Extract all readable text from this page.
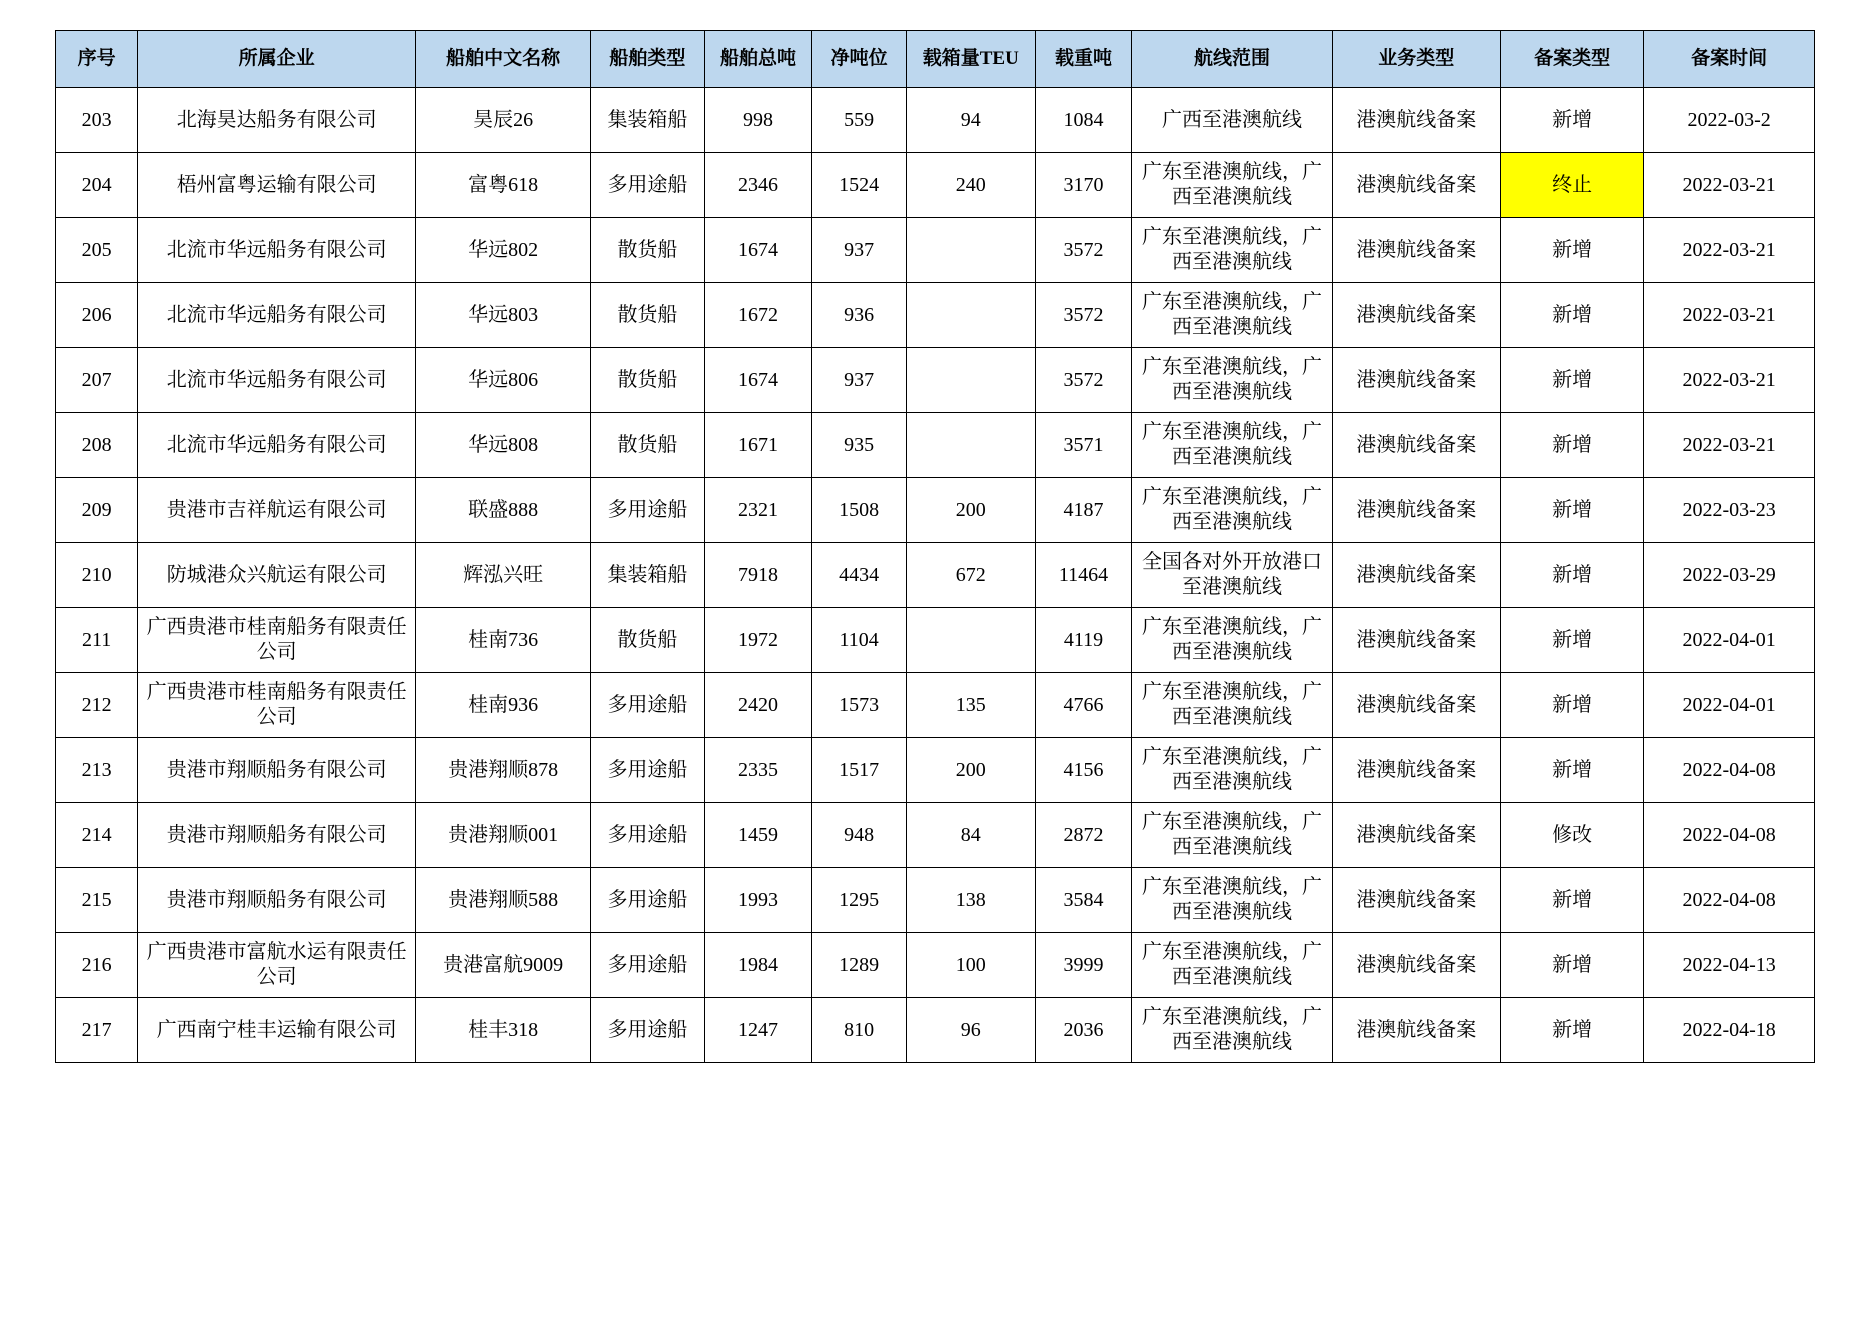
序号	所属企业	船舶中文名称	船舶类型	船舶总吨	净吨位	载箱量TEU	载重吨	航线范围	业务类型	备案类型	备案时间
203	北海昊达船务有限公司	昊辰26	集装箱船	998	559	94	1084	广西至港澳航线	港澳航线备案	新增	2022-03-2
204	梧州富粤运输有限公司	富粤618	多用途船	2346	1524	240	3170	广东至港澳航线，广西至港澳航线	港澳航线备案	终止	2022-03-21
205	北流市华远船务有限公司	华远802	散货船	1674	937		3572	广东至港澳航线，广西至港澳航线	港澳航线备案	新增	2022-03-21
206	北流市华远船务有限公司	华远803	散货船	1672	936		3572	广东至港澳航线，广西至港澳航线	港澳航线备案	新增	2022-03-21
207	北流市华远船务有限公司	华远806	散货船	1674	937		3572	广东至港澳航线，广西至港澳航线	港澳航线备案	新增	2022-03-21
208	北流市华远船务有限公司	华远808	散货船	1671	935		3571	广东至港澳航线，广西至港澳航线	港澳航线备案	新增	2022-03-21
209	贵港市吉祥航运有限公司	联盛888	多用途船	2321	1508	200	4187	广东至港澳航线，广西至港澳航线	港澳航线备案	新增	2022-03-23
210	防城港众兴航运有限公司	辉泓兴旺	集装箱船	7918	4434	672	11464	全国各对外开放港口至港澳航线	港澳航线备案	新增	2022-03-29
211	广西贵港市桂南船务有限责任公司	桂南736	散货船	1972	1104		4119	广东至港澳航线，广西至港澳航线	港澳航线备案	新增	2022-04-01
212	广西贵港市桂南船务有限责任公司	桂南936	多用途船	2420	1573	135	4766	广东至港澳航线，广西至港澳航线	港澳航线备案	新增	2022-04-01
213	贵港市翔顺船务有限公司	贵港翔顺878	多用途船	2335	1517	200	4156	广东至港澳航线，广西至港澳航线	港澳航线备案	新增	2022-04-08
214	贵港市翔顺船务有限公司	贵港翔顺001	多用途船	1459	948	84	2872	广东至港澳航线，广西至港澳航线	港澳航线备案	修改	2022-04-08
215	贵港市翔顺船务有限公司	贵港翔顺588	多用途船	1993	1295	138	3584	广东至港澳航线，广西至港澳航线	港澳航线备案	新增	2022-04-08
216	广西贵港市富航水运有限责任公司	贵港富航9009	多用途船	1984	1289	100	3999	广东至港澳航线，广西至港澳航线	港澳航线备案	新增	2022-04-13
217	广西南宁桂丰运输有限公司	桂丰318	多用途船	1247	810	96	2036	广东至港澳航线，广西至港澳航线	港澳航线备案	新增	2022-04-18
